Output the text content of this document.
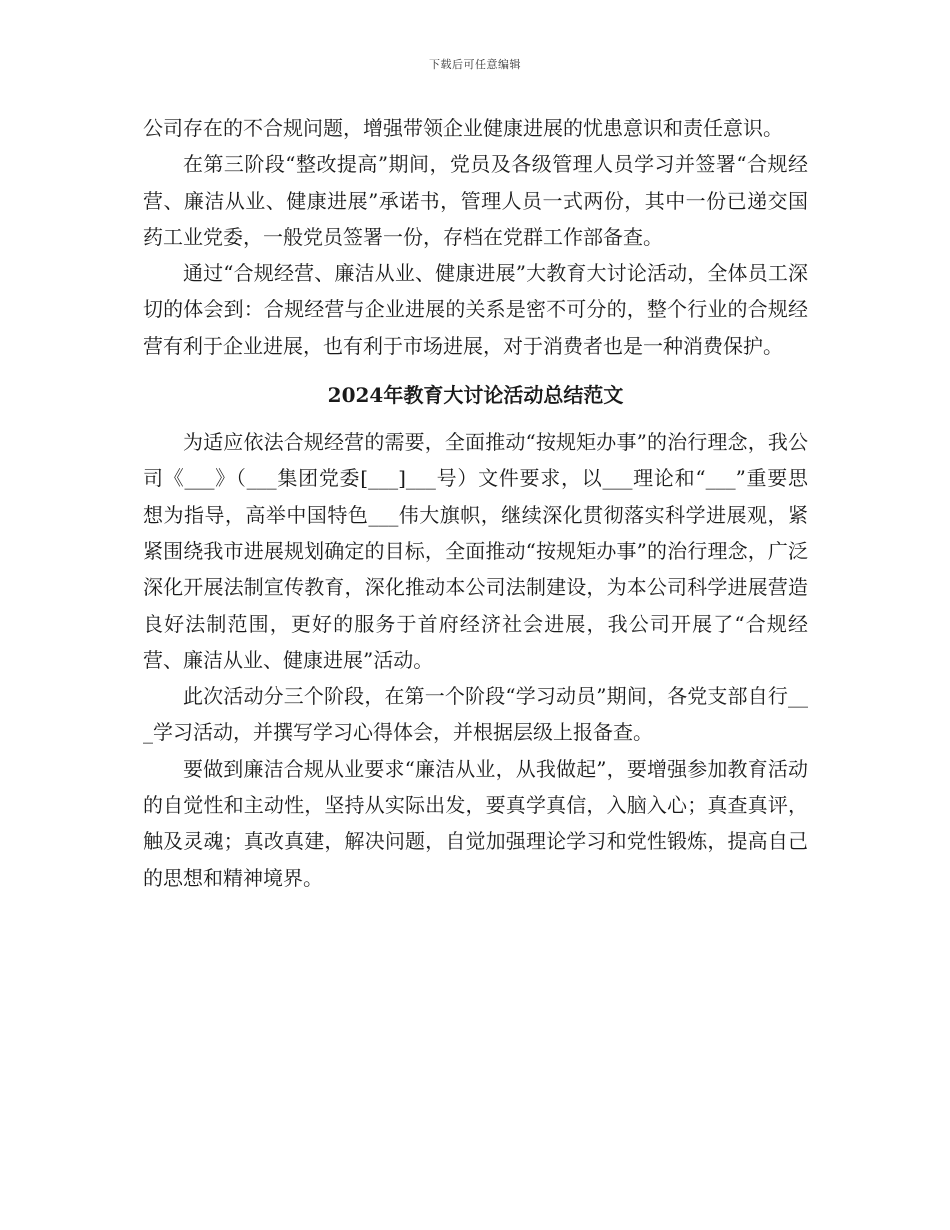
下载后可任意编辑

公司存在的不合规问题，增强带领企业健康进展的忧患意识和责任意识。

在第三阶段“整改提高”期间，党员及各级管理人员学习并签署“合规经营、廉洁从业、健康进展”承诺书，管理人员一式两份，其中一份已递交国药工业党委，一般党员签署一份，存档在党群工作部备查。

通过“合规经营、廉洁从业、健康进展”大教育大讨论活动，全体员工深切的体会到：合规经营与企业进展的关系是密不可分的，整个行业的合规经营有利于企业进展，也有利于市场进展，对于消费者也是一种消费保护。

2024年教育大讨论活动总结范文

为适应依法合规经营的需要，全面推动“按规矩办事”的治行理念，我公司《___》（___集团党委[___]___号）文件要求，以___理论和“___”重要思想为指导，高举中国特色___伟大旗帜，继续深化贯彻落实科学进展观，紧紧围绕我市进展规划确定的目标，全面推动“按规矩办事”的治行理念，广泛深化开展法制宣传教育，深化推动本公司法制建设，为本公司科学进展营造良好法制范围，更好的服务于首府经济社会进展，我公司开展了“合规经营、廉洁从业、健康进展”活动。

此次活动分三个阶段，在第一个阶段“学习动员”期间，各党支部自行___学习活动，并撰写学习心得体会，并根据层级上报备查。

要做到廉洁合规从业要求“廉洁从业，从我做起”，要增强参加教育活动的自觉性和主动性，坚持从实际出发，要真学真信，入脑入心；真查真评，触及灵魂；真改真建，解决问题，自觉加强理论学习和党性锻炼，提高自己的思想和精神境界。
